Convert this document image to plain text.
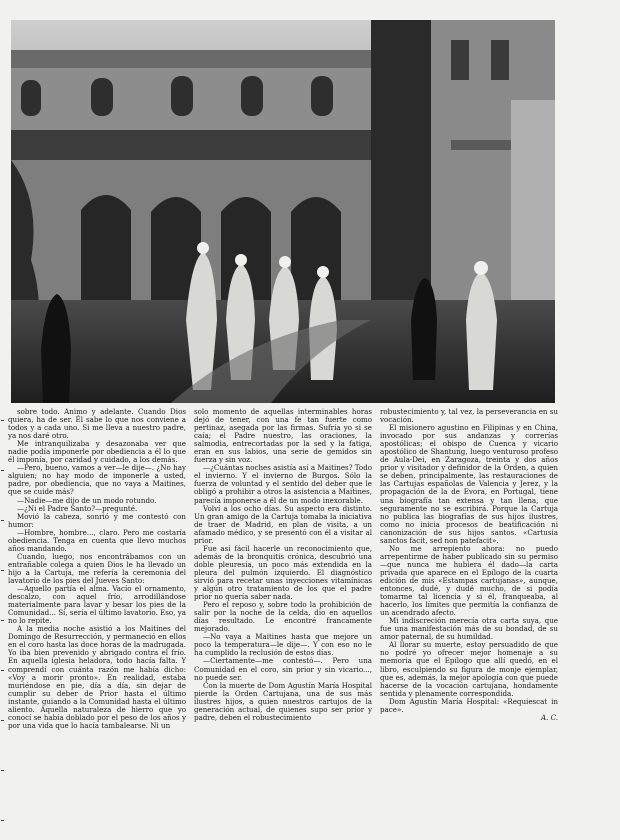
sobre todo. Animo y adelante. Cuando Dios quiera, ha de ser. Él sabe lo que nos conviene a todos y a cada uno. Si me lleva a nuestro padre, ya nos daré otro.

Me intranquilizaba y desazonaba ver que nadie podía imponerle por obediencia a él lo que él imponía, por caridad y cuidado, a los demás.

—Pero, bueno, vamos a ver—le dije—. ¿No hay alguien; no hay modo de imponerle a usted, padre, por obediencia, que no vaya a Maitines, que se cuide más?

—Nadie—me dijo de un modo rotundo.

—¿Ni el Padre Santo?—pregunté.

Movió la cabeza, sonrió y me contestó con humor:

—Hombre, hombre..., claro. Pero me costaría obediencia. Tenga en cuenta que llevo muchos años mandando.

Cuando, luego, nos encontrábamos con un entrañable colega a quien Dios le ha llevado un hijo a la Cartuja, me refería la ceremonia del lavatorio de los pies del Jueves Santo:

—Aquello partía el alma. Vacío el ornamento, descalzo, con aquel frío, arrodillándose materialmente para lavar y besar los pies de la Comunidad... Sí, sería el último lavatorio. Eso, ya no lo repite.

A la media noche asistió a los Maitines del Domingo de Resurrección, y permaneció en ellos en el coro hasta las doce horas de la madrugada. Yo iba bien prevenido y abrigado contra el frío. En aquella iglesia heladora, todo hacía falta. Y comprendí con cuánta razón me había dicho: «Voy a morir pronto». En realidad, estaba muriéndose en pie, día a día, sin dejar de cumplir su deber de Prior hasta el último instante, guiando a la Comunidad hasta el último aliento. Aquella naturaleza de hierro que yo conocí se había doblado por el peso de los años y por una vida que lo hacía tambalearse. Ni un

solo momento de aquellas interminables horas dejó de tener, con una fe tan fuerte como pertinaz, asegada por las firmas. Sufría yo si se caía; el Padre nuestro, las oraciones, la salmodia, entrecortadas por la sed y la fatiga, eran en sus labios, una serie de gemidos sin fuerza y sin voz.

—¿Cuántas noches asistía así a Maitines? Todo el invierno. Y el invierno de Burgos. Sólo la fuerza de voluntad y el sentido del deber que le obligó a prohibir a otros la asistencia a Maitines, parecía imponerse a él de un modo inexorable.

Volví a los ocho días. Su aspecto era distinto. Un gran amigo de la Cartuja tomaba la iniciativa de traer de Madrid, en plan de visita, a un afamado médico, y se presentó con él a visitar al prior.

Fue así fácil hacerle un reconocimiento que, además de la bronquitis crónica, descubrió una doble pleuresía, un poco más extendida en la pleura del pulmón izquierdo. El diagnóstico sirvió para recetar unas inyecciones vitamínicas y algún otro tratamiento de los que el padre prior no quería saber nada.

Pero el reposo y, sobre todo la prohibición de salir por la noche de la celda, dio en aquellos días resultado. Le encontré francamente mejorado.

—No vaya a Maitines hasta que mejore un poco la temperatura—le dije—. Y con eso no le ha cumplido la reclusión de estos días.

—Ciertamente—me contestó—. Pero una Comunidad en el coro, sin prior y sin vicario..., no puede ser.

Con la muerte de Dom Agustín María Hospital pierde la Orden Cartujana, una de sus más ilustres hijos, a quien nuestros cartujos de la generación actual, de quienes supo ser prior y padre, deben el robustecimiento

robustecimiento y, tal vez, la perseverancia en su vocación.

El misionero agustino en Filipinas y en China, invocado por sus andanzas y correrías apostólicas; el obispo de Cuenca y vicario apostólico de Shantung, luego venturoso profeso de Aula-Dei, en Zaragoza, treinta y dos años prior y visitador y definidor de la Orden, a quien se deben, principalmente, las restauraciones de las Cartujas españolas de Valencia y Jerez, y la propagación de la de Evora, en Portugal, tiene una biografía tan extensa y tan llena, que seguramente no se escribirá. Porque la Cartuja no publica las biografías de sus hijos ilustres, como no inicia procesos de beatificación ni canonización de sus hijos santos. «Cartusia sanctos facit, sed non patefacit».

No me arrepiento ahora: no puedo arrepentirme de haber publicado sin su permiso—que nunca me hubiera él dado—la carta privada que aparece en el Epílogo de la cuarta edición de mis «Estampas cartujanas», aunque, entonces, dudé, y dudé mucho, de si podía tomarme tal licencia y si él, franqueaba, al hacerlo, los límites que permitía la confianza de un acendrado afecto.

Mi indiscreción merecía otra carta suya, que fue una manifestación más de su bondad, de su amor paternal, de su humildad.

Al llorar su muerte, estoy persuadido de que no podré yo ofrecer mejor homenaje a su memoria que el Epílogo que allí quedó, en el libro, esculpiendo su figura de monje ejemplar, que es, además, la mejor apología con que puede hacerse de la vocación cartujana, hondamente sentida y plenamente correspondida.

Dom Agustín María Hospital: «Requiescat in pace».

A. C.
